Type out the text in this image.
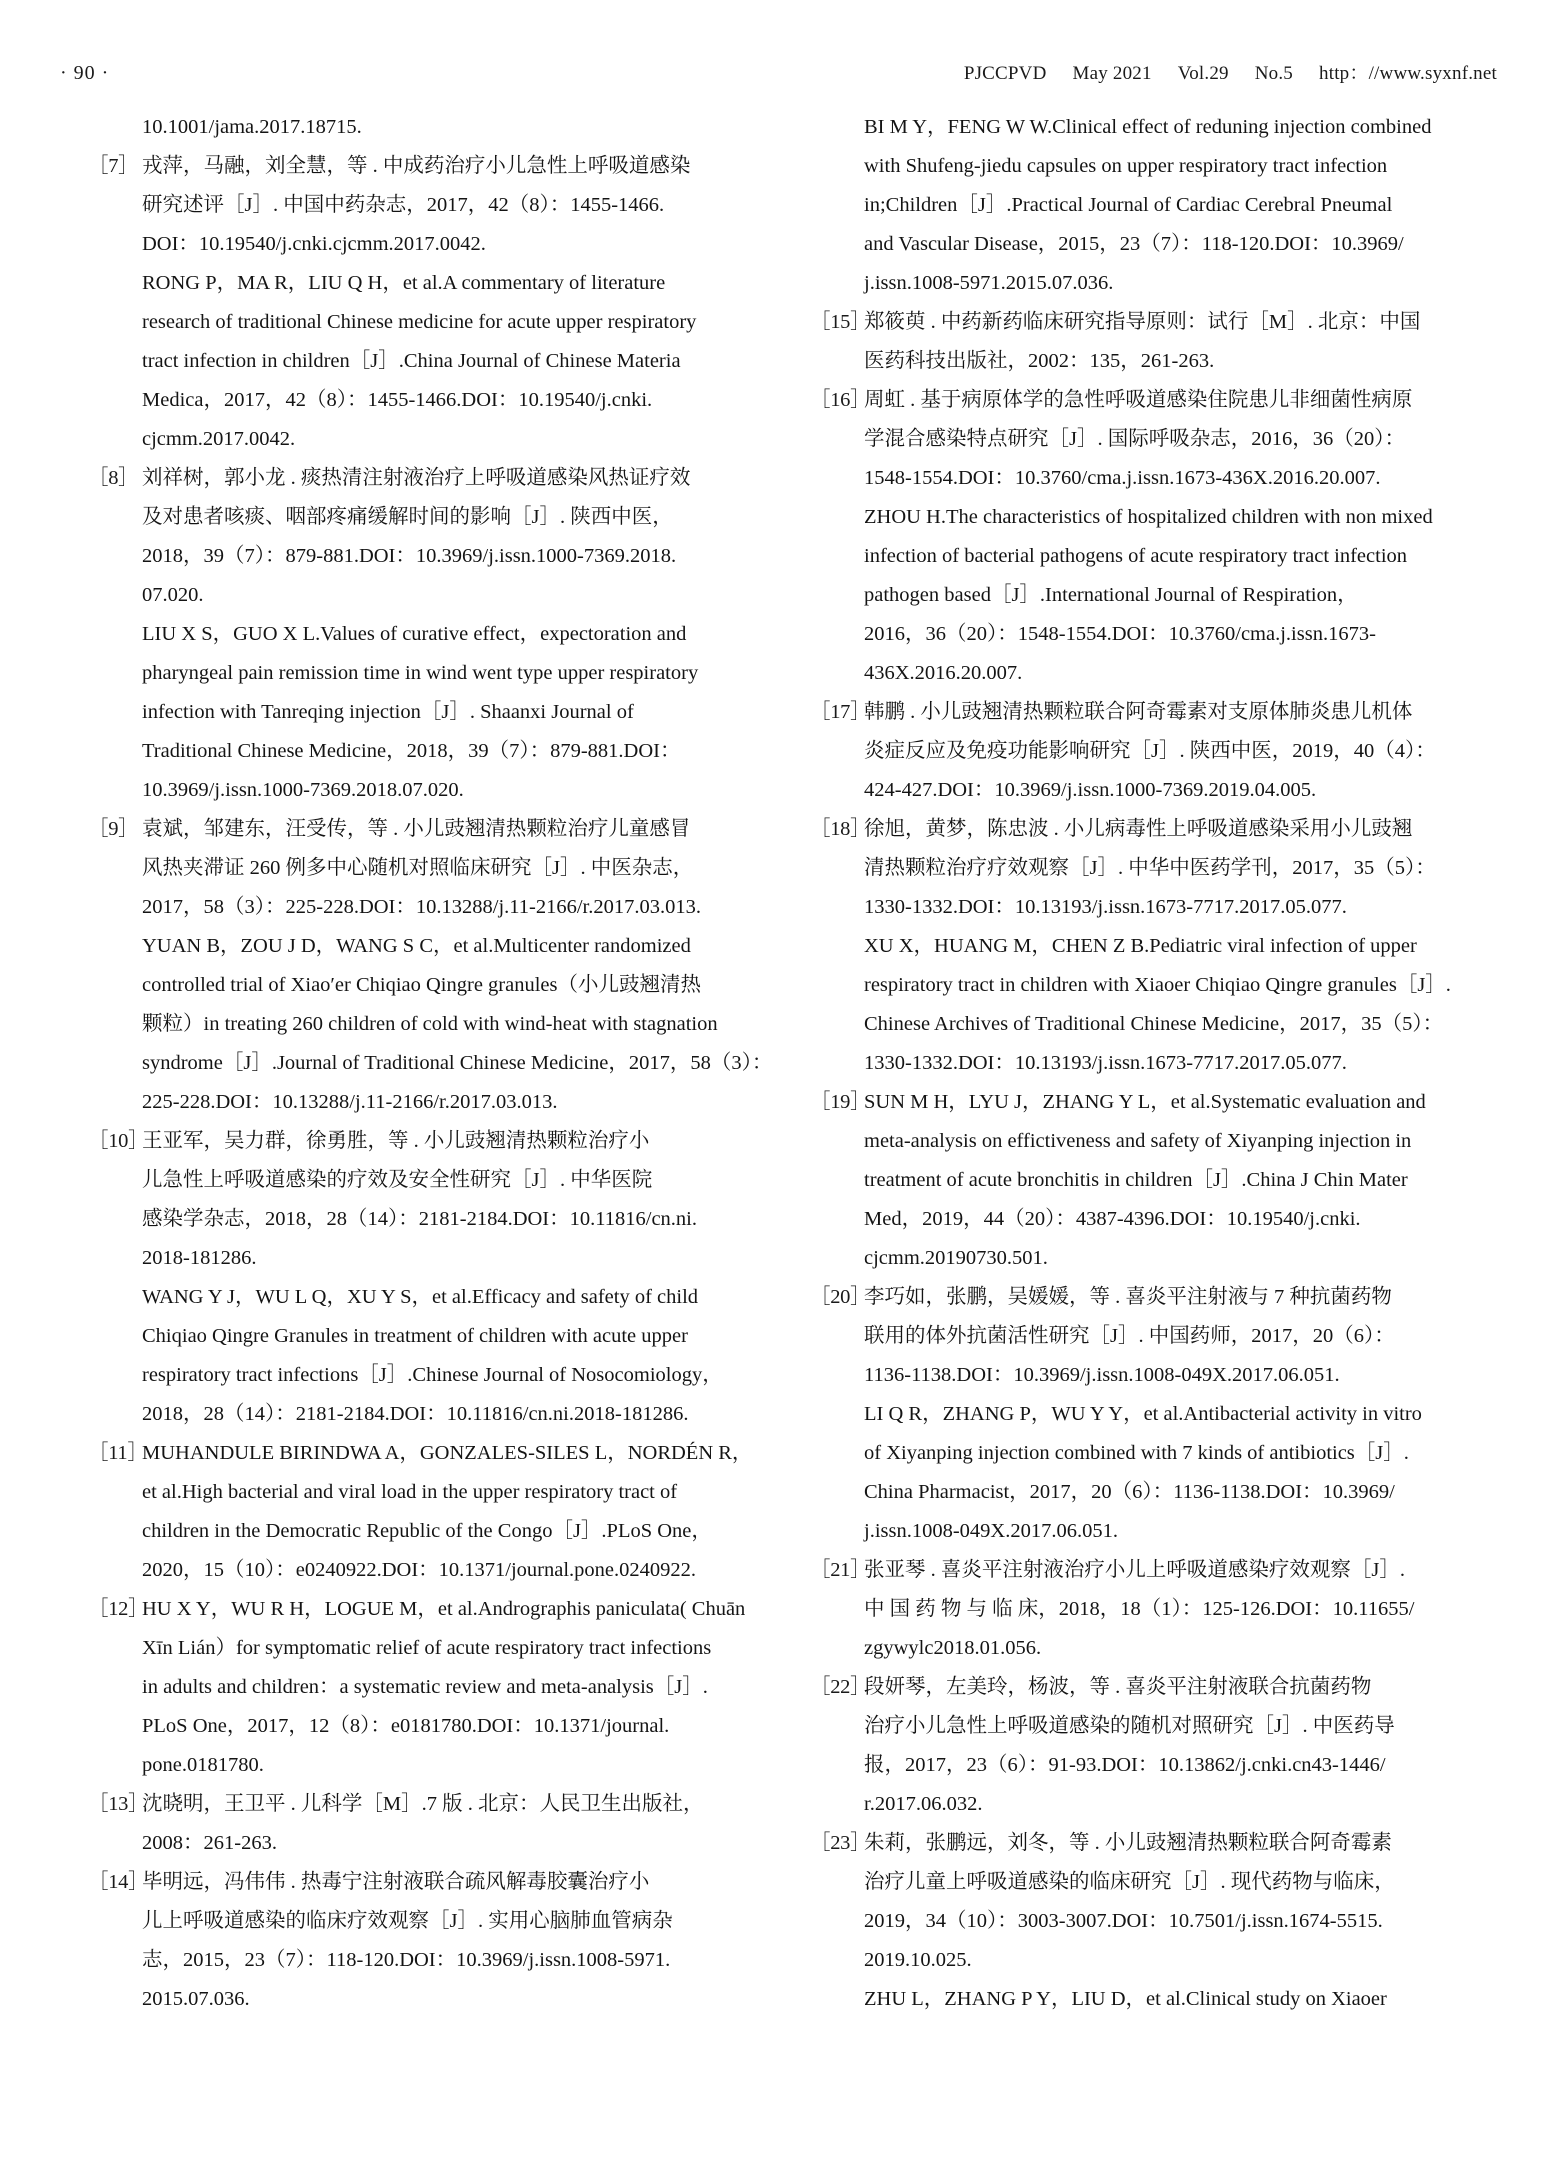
· 90 ·	PJCCPVD May 2021 Vol.29 No.5 http：//www.syxnf.net
10.1001/jama.2017.18715.
［7］ 戎萍，马融，刘全慧，等 . 中成药治疗小儿急性上呼吸道感染
研究述评［J］. 中国中药杂志，2017，42（8）：1455-1466.
DOI：10.19540/j.cnki.cjcmm.2017.0042.
RONG P，MA R，LIU Q H，et al.A commentary of literature
research of traditional Chinese medicine for acute upper respiratory
tract infection in children［J］.China Journal of Chinese Materia
Medica，2017，42（8）：1455-1466.DOI：10.19540/j.cnki.
cjcmm.2017.0042.
［8］ 刘祥树，郭小龙 . 痰热清注射液治疗上呼吸道感染风热证疗效
及对患者咳痰、咽部疼痛缓解时间的影响［J］. 陕西中医，
2018，39（7）：879-881.DOI：10.3969/j.issn.1000-7369.2018.
07.020.
LIU X S，GUO X L.Values of curative effect，expectoration and
pharyngeal pain remission time in wind went type upper respiratory
infection with Tanreqing injection［J］. Shaanxi Journal of
Traditional Chinese Medicine，2018，39（7）：879-881.DOI：
10.3969/j.issn.1000-7369.2018.07.020.
［9］ 袁斌，邹建东，汪受传，等 . 小儿豉翘清热颗粒治疗儿童感冒
风热夹滞证 260 例多中心随机对照临床研究［J］. 中医杂志，
2017，58（3）：225-228.DOI：10.13288/j.11-2166/r.2017.03.013.
YUAN B，ZOU J D，WANG S C，et al.Multicenter randomized
controlled trial of Xiao′er Chiqiao Qingre granules（小儿豉翘清热
颗粒）in treating 260 children of cold with wind-heat with stagnation
syndrome［J］.Journal of Traditional Chinese Medicine，2017，58（3）：
225-228.DOI：10.13288/j.11-2166/r.2017.03.013.
［10］
王亚军，吴力群，徐勇胜，等 . 小儿豉翘清热颗粒治疗小
儿急性上呼吸道感染的疗效及安全性研究［J］. 中华医院
感染学杂志，2018，28（14）：2181-2184.DOI：10.11816/cn.ni.
2018-181286.
WANG Y J，WU L Q，XU Y S，et al.Efficacy and safety of child
Chiqiao Qingre Granules in treatment of children with acute upper
respiratory tract infections［J］.Chinese Journal of Nosocomiology，
2018，28（14）：2181-2184.DOI：10.11816/cn.ni.2018-181286.
［11］
MUHANDULE BIRINDWA A，GONZALES-SILES L，NORDÉN R，
et al.High bacterial and viral load in the upper respiratory tract of
children in the Democratic Republic of the Congo［J］.PLoS One，
2020，15（10）：e0240922.DOI：10.1371/journal.pone.0240922.
［12］
HU X Y，WU R H，LOGUE M，et al.Andrographis paniculata( Chuān
Xīn Lián）for symptomatic relief of acute respiratory tract infections
in adults and children：a systematic review and meta-analysis［J］.
PLoS One，2017，12（8）：e0181780.DOI：10.1371/journal.
pone.0181780.
［13］
沈晓明，王卫平 . 儿科学［M］.7 版 . 北京：人民卫生出版社，
2008：261-263.
［14］
毕明远，冯伟伟 . 热毒宁注射液联合疏风解毒胶囊治疗小
儿上呼吸道感染的临床疗效观察［J］. 实用心脑肺血管病杂
志，2015，23（7）：118-120.DOI：10.3969/j.issn.1008-5971.
2015.07.036.
BI M Y，FENG W W.Clinical effect of reduning injection combined
with Shufeng-jiedu capsules on upper respiratory tract infection
in;Children［J］.Practical Journal of Cardiac Cerebral Pneumal
and Vascular Disease，2015，23（7）：118-120.DOI：10.3969/
j.issn.1008-5971.2015.07.036.
［15］
郑筱萸 . 中药新药临床研究指导原则：试行［M］. 北京：中国
医药科技出版社，2002：135，261-263.
［16］
周虹 . 基于病原体学的急性呼吸道感染住院患儿非细菌性病原
学混合感染特点研究［J］. 国际呼吸杂志，2016，36（20）：
1548-1554.DOI：10.3760/cma.j.issn.1673-436X.2016.20.007.
ZHOU H.The characteristics of hospitalized children with non mixed
infection of bacterial pathogens of acute respiratory tract infection
pathogen based［J］.International Journal of Respiration，
2016，36（20）：1548-1554.DOI：10.3760/cma.j.issn.1673-
436X.2016.20.007.
［17］
韩鹏 . 小儿豉翘清热颗粒联合阿奇霉素对支原体肺炎患儿机体
炎症反应及免疫功能影响研究［J］. 陕西中医，2019，40（4）：
424-427.DOI：10.3969/j.issn.1000-7369.2019.04.005.
［18］
徐旭，黄梦，陈忠波 . 小儿病毒性上呼吸道感染采用小儿豉翘
清热颗粒治疗疗效观察［J］. 中华中医药学刊，2017，35（5）：
1330-1332.DOI：10.13193/j.issn.1673-7717.2017.05.077.
XU X，HUANG M，CHEN Z B.Pediatric viral infection of upper
respiratory tract in children with Xiaoer Chiqiao Qingre granules［J］.
Chinese Archives of Traditional Chinese Medicine，2017，35（5）：
1330-1332.DOI：10.13193/j.issn.1673-7717.2017.05.077.
［19］
SUN M H，LYU J，ZHANG Y L，et al.Systematic evaluation and
meta-analysis on effictiveness and safety of Xiyanping injection in
treatment of acute bronchitis in children［J］.China J Chin Mater
Med，2019，44（20）：4387-4396.DOI：10.19540/j.cnki.
cjcmm.20190730.501.
［20］
李巧如，张鹏，吴媛媛，等 . 喜炎平注射液与 7 种抗菌药物
联用的体外抗菌活性研究［J］. 中国药师，2017，20（6）：
1136-1138.DOI：10.3969/j.issn.1008-049X.2017.06.051.
LI Q R，ZHANG P，WU Y Y，et al.Antibacterial activity in vitro
of Xiyanping injection combined with 7 kinds of antibiotics［J］.
China Pharmacist，2017，20（6）：1136-1138.DOI：10.3969/
j.issn.1008-049X.2017.06.051.
［21］
张亚琴 . 喜炎平注射液治疗小儿上呼吸道感染疗效观察［J］.
中 国 药 物 与 临 床，2018，18（1）：125-126.DOI：10.11655/
zgywylc2018.01.056.
［22］
段妍琴，左美玲，杨波，等 . 喜炎平注射液联合抗菌药物
治疗小儿急性上呼吸道感染的随机对照研究［J］. 中医药导
报，2017，23（6）：91-93.DOI：10.13862/j.cnki.cn43-1446/
r.2017.06.032.
［23］
朱莉，张鹏远，刘冬，等 . 小儿豉翘清热颗粒联合阿奇霉素
治疗儿童上呼吸道感染的临床研究［J］. 现代药物与临床，
2019，34（10）：3003-3007.DOI：10.7501/j.issn.1674-5515.
2019.10.025.
ZHU L，ZHANG P Y，LIU D，et al.Clinical study on Xiaoer
